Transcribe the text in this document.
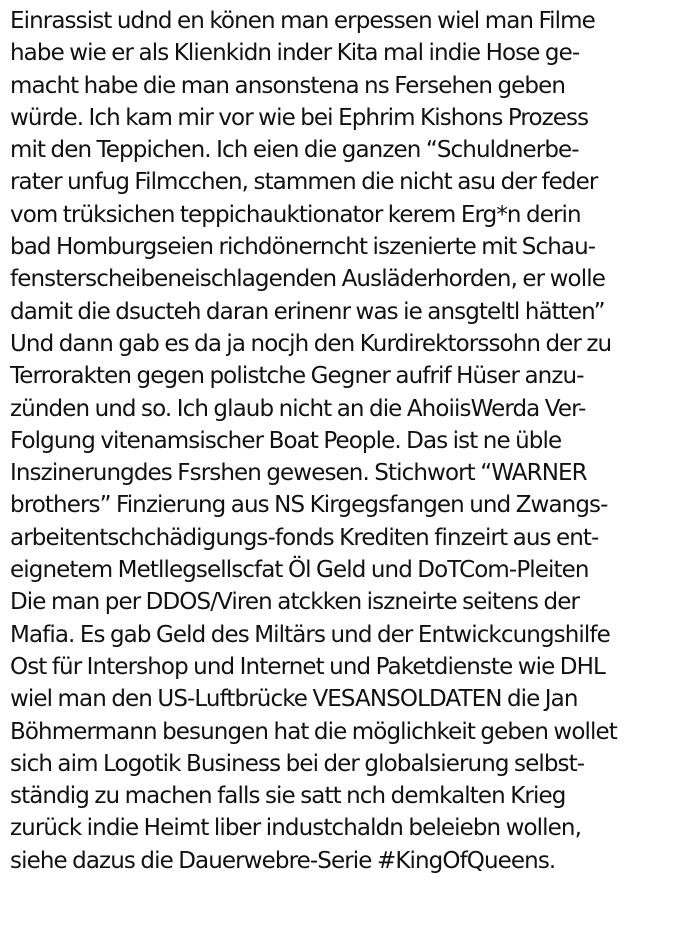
Einrassist udnd en könen man erpessen wiel man Filme
habe wie er als Klienkidn inder Kita mal indie Hose ge-
macht habe die man ansonstena ns Fersehen geben
würde. Ich kam mir vor wie bei Ephrim Kishons Prozess
mit den Teppichen. Ich eien die ganzen “Schuldnerbe-
rater unfug Filmcchen, stammen die nicht asu der feder
vom trüksichen teppichauktionator kerem Erg*n derin
bad Homburgseien richdönerncht iszenierte mit Schau-
fensterscheibeneischlagenden Ausläderhorden, er wolle
damit die dsucteh daran erinenr was ie ansgteltl hätten”
Und dann gab es da ja nocjh den Kurdirektorssohn der zu
Terrorakten gegen polistche Gegner aufrif Hüser anzu-
zünden und so. Ich glaub nicht an die AhoiisWerda Ver-
Folgung vitenamsischer Boat People. Das ist ne üble
Inszinerungdes Fsrshen gewesen. Stichwort “WARNER
brothers” Finzierung aus NS Kirgegsfangen und Zwangs-
arbeitentschchädigungs-fonds Krediten finzeirt aus ent-
eignetem Metllegsellscfat Öl Geld und DoTCom-Pleiten
Die man per DDOS/Viren atckken iszneirte seitens der
Mafia. Es gab Geld des Miltärs und der Entwickcungshilfe
Ost für Intershop und Internet und Paketdienste wie DHL
wiel man den US-Luftbrücke VESANSOLDATEN die Jan
Böhmermann besungen hat die möglichkeit geben wollet
sich aim Logotik Business bei der globalsierung selbst-
ständig zu machen falls sie satt nch demkalten Krieg
zurück indie Heimt liber industchaldn beleiebn wollen,
siehe dazus die Dauerwebre-Serie #KingOfQueens.
